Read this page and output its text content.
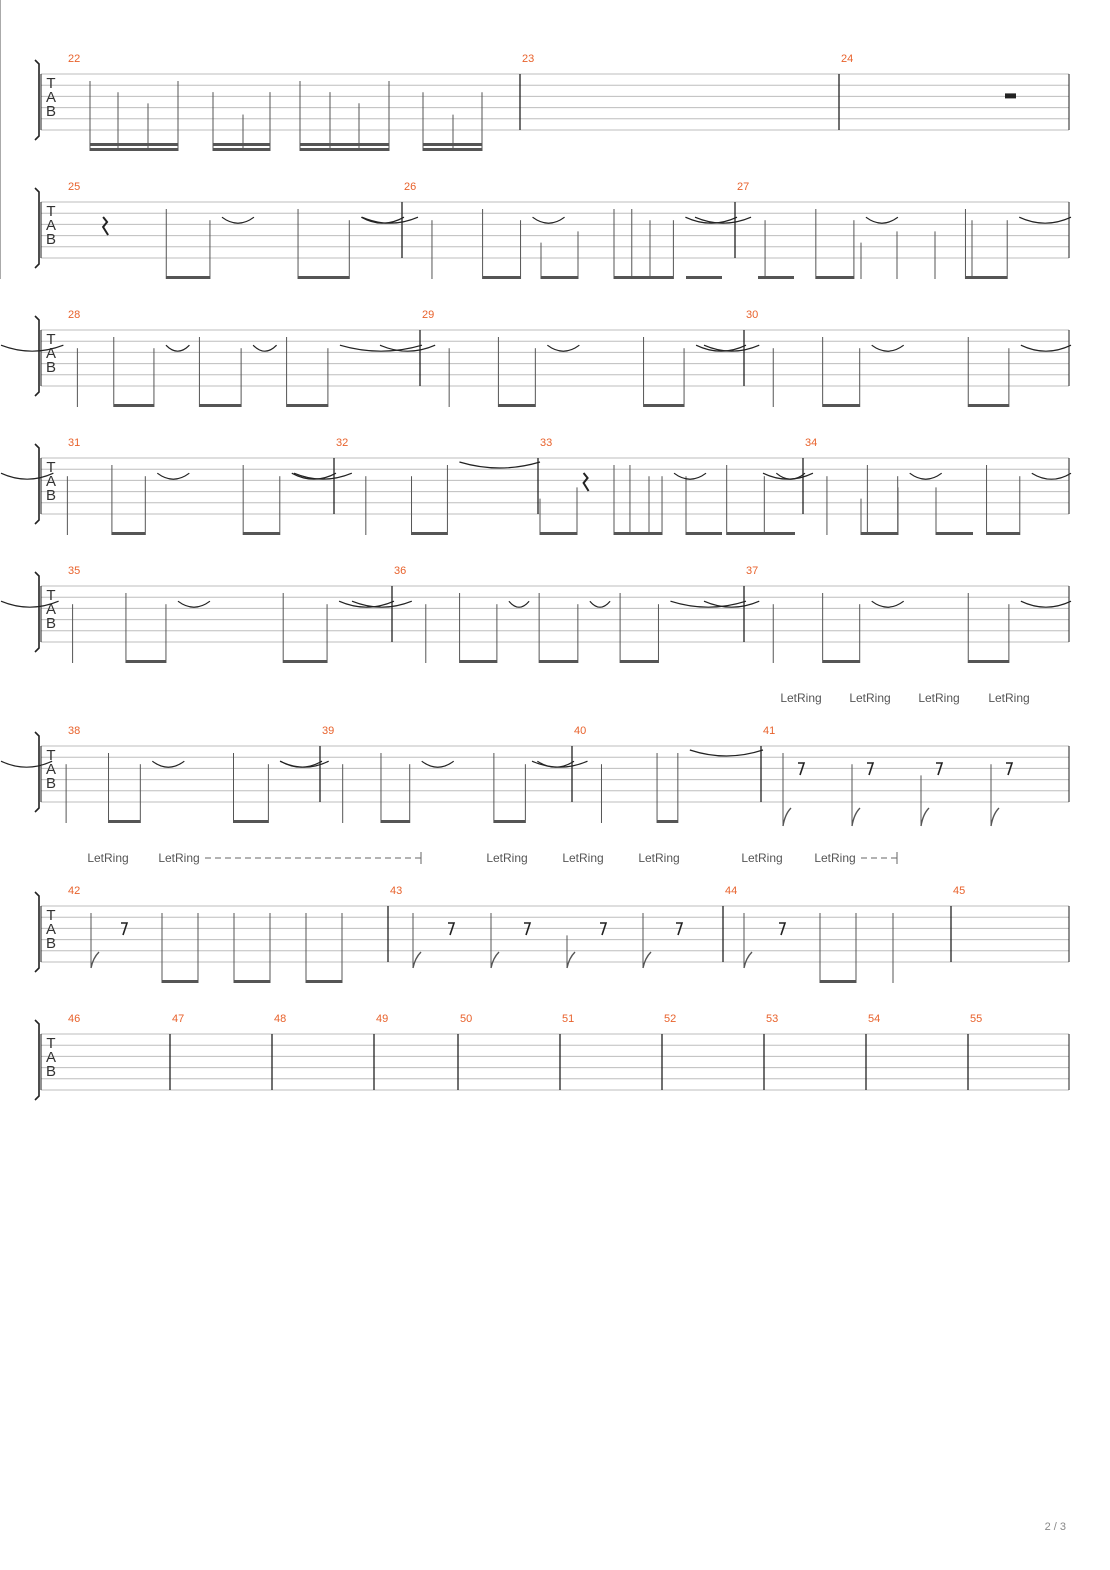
2 / 3
T
A
B
22	23	24
T
A
B
25	26	27
T
A
B
28	29	30
T
A
B
31	32	33	34
T
A
B
35	36	37
T
A
B
38	39	40	41
LetRing LetRing LetRing LetRing
T
A
B
42	43	44	45
LetRing LetRing	LetRing	LetRing	LetRing	LetRing	LetRing
T
A
B
46	47	48	49	50	51	52	53	54	55
